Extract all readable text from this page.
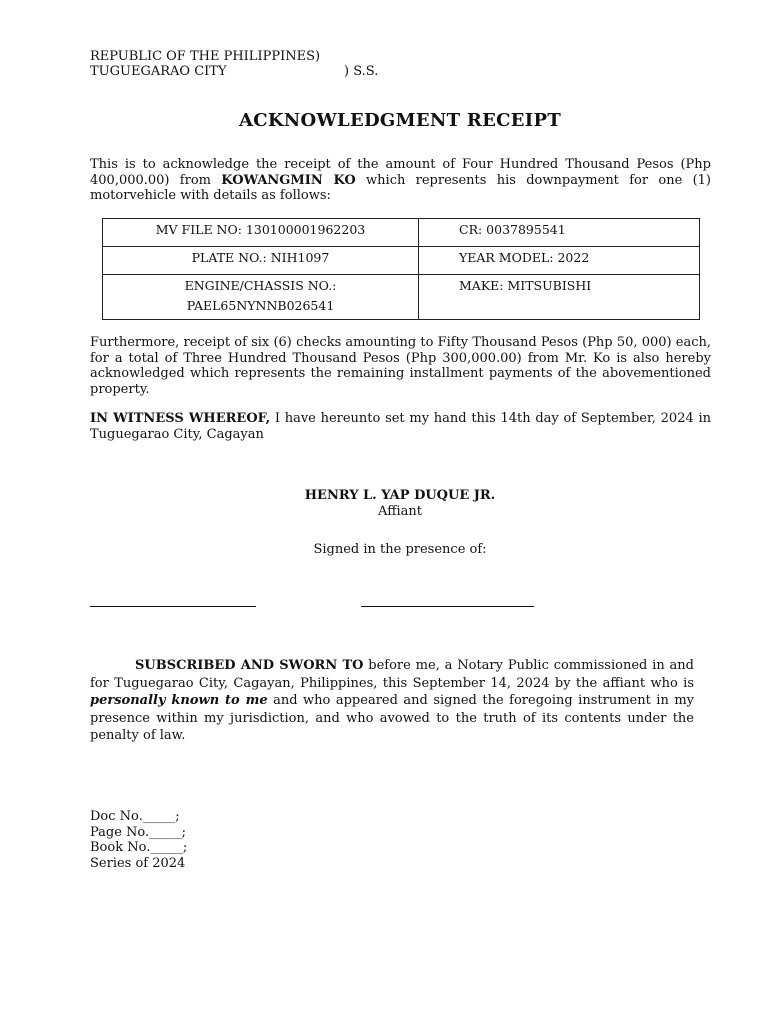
REPUBLIC OF THE PHILIPPINES)
TUGUEGARAO CITY	) S.S.
ACKNOWLEDGMENT RECEIPT
This is to acknowledge the receipt of the amount of Four Hundred Thousand Pesos (Php 400,000.00) from KOWANGMIN KO which represents his downpayment for one (1) motorvehicle with details as follows:
MV FILE NO: 130100001962203	CR: 0037895541

PLATE NO.: NIH1097	YEAR MODEL: 2022

ENGINE/CHASSIS NO.:
PAEL65NYNNB026541	MAKE: MITSUBISHI
Furthermore, receipt of six (6) checks amounting to Fifty Thousand Pesos (Php 50, 000) each, for a total of Three Hundred Thousand Pesos (Php 300,000.00) from Mr. Ko is also hereby acknowledged which represents the remaining installment payments of the abovementioned property.
IN WITNESS WHEREOF, I have hereunto set my hand this 14th day of September, 2024 in Tuguegarao City, Cagayan
HENRY L. YAP DUQUE JR.
Affiant
Signed in the presence of:
SUBSCRIBED AND SWORN TO before me, a Notary Public commissioned in and for Tuguegarao City, Cagayan, Philippines, this September 14, 2024 by the affiant who is personally known to me and who appeared and signed the foregoing instrument in my presence within my jurisdiction, and who avowed to the truth of its contents under the penalty of law.
Doc No._____;
Page No._____;
Book No._____;
Series of 2024
